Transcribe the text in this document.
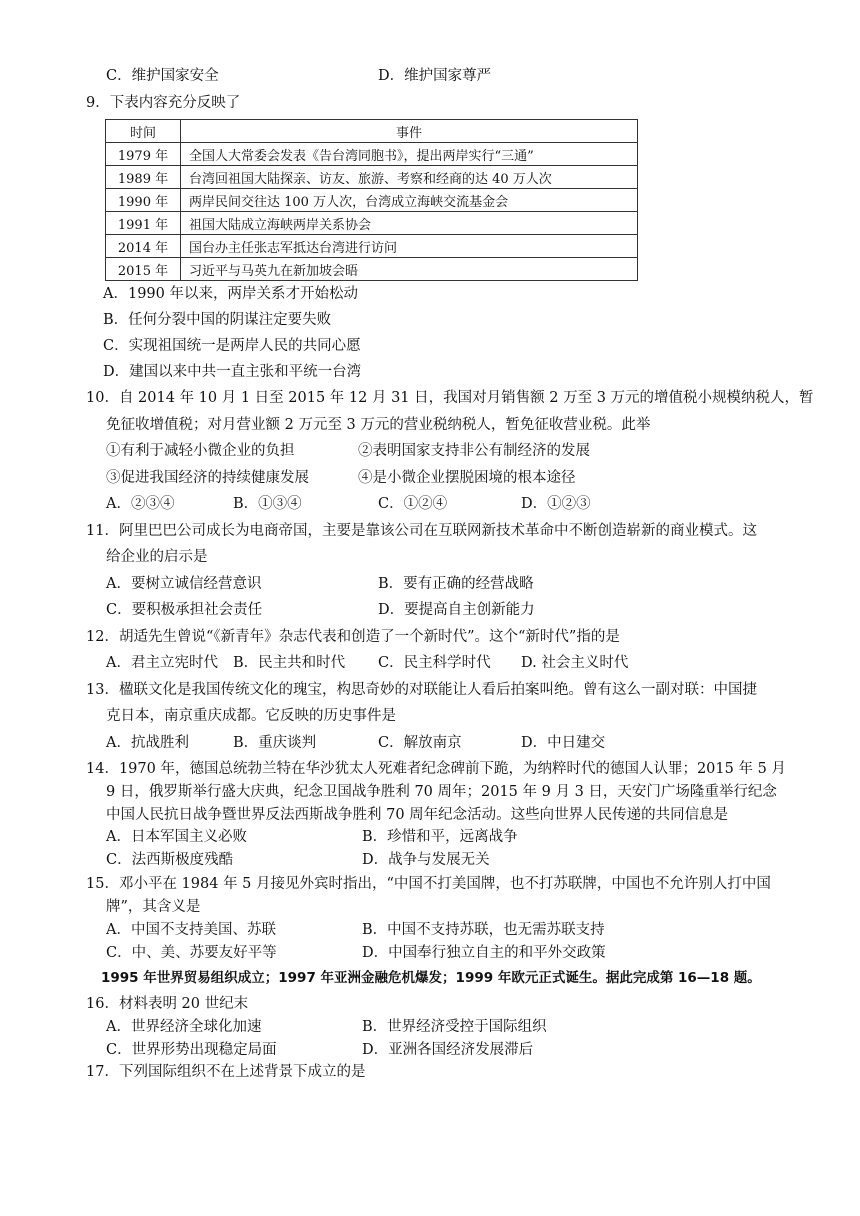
C．维护国家安全	D．维护国家尊严
9．下表内容充分反映了
时间	事件
1979 年	全国人大常委会发表《告台湾同胞书》，提出两岸实行“三通”
1989 年	台湾回祖国大陆探亲、访友、旅游、考察和经商的达 40 万人次
1990 年	两岸民间交往达 100 万人次，台湾成立海峡交流基金会
1991 年	祖国大陆成立海峡两岸关系协会
2014 年	国台办主任张志军抵达台湾进行访问
2015 年	习近平与马英九在新加坡会晤
A．1990 年以来，两岸关系才开始松动
B．任何分裂中国的阴谋注定要失败
C．实现祖国统一是两岸人民的共同心愿
D．建国以来中共一直主张和平统一台湾
10．自 2014 年 10 月 1 日至 2015 年 12 月 31 日，我国对月销售额 2 万至 3 万元的增值税小规模纳税人，暂
免征收增值税；对月营业额 2 万元至 3 万元的营业税纳税人，暂免征收营业税。此举
①有利于减轻小微企业的负担	②表明国家支持非公有制经济的发展
③促进我国经济的持续健康发展	④是小微企业摆脱困境的根本途径
A．②③④	B．①③④	C．①②④	D．①②③
11．阿里巴巴公司成长为电商帝国，主要是靠该公司在互联网新技术革命中不断创造崭新的商业模式。这
给企业的启示是
A．要树立诚信经营意识	B．要有正确的经营战略
C．要积极承担社会责任	D．要提高自主创新能力
12．胡适先生曾说“《新青年》杂志代表和创造了一个新时代”。这个“新时代”指的是
A．君主立宪时代 B．民主共和时代 C．民主科学时代 D. 社会主义时代
13．楹联文化是我国传统文化的瑰宝，构思奇妙的对联能让人看后拍案叫绝。曾有这么一副对联：中国捷
克日本，南京重庆成都。它反映的历史事件是
A．抗战胜利	B．重庆谈判	C．解放南京	D．中日建交
14．1970 年，德国总统勃兰特在华沙犹太人死难者纪念碑前下跪，为纳粹时代的德国人认罪；2015 年 5 月
9 日，俄罗斯举行盛大庆典，纪念卫国战争胜利 70 周年；2015 年 9 月 3 日，天安门广场隆重举行纪念
中国人民抗日战争暨世界反法西斯战争胜利 70 周年纪念活动。这些向世界人民传递的共同信息是
A．日本军国主义必败	B．珍惜和平，远离战争
C．法西斯极度残酷	D．战争与发展无关
15．邓小平在 1984 年 5 月接见外宾时指出，“中国不打美国牌，也不打苏联牌，中国也不允许别人打中国
牌”，其含义是
A．中国不支持美国、苏联	B．中国不支持苏联，也无需苏联支持
C．中、美、苏要友好平等	D．中国奉行独立自主的和平外交政策
1995 年世界贸易组织成立；1997 年亚洲金融危机爆发；1999 年欧元正式诞生。据此完成第 16—18 题。
16．材料表明 20 世纪末
A．世界经济全球化加速	B．世界经济受控于国际组织
C．世界形势出现稳定局面	D．亚洲各国经济发展滞后
17．下列国际组织不在上述背景下成立的是
